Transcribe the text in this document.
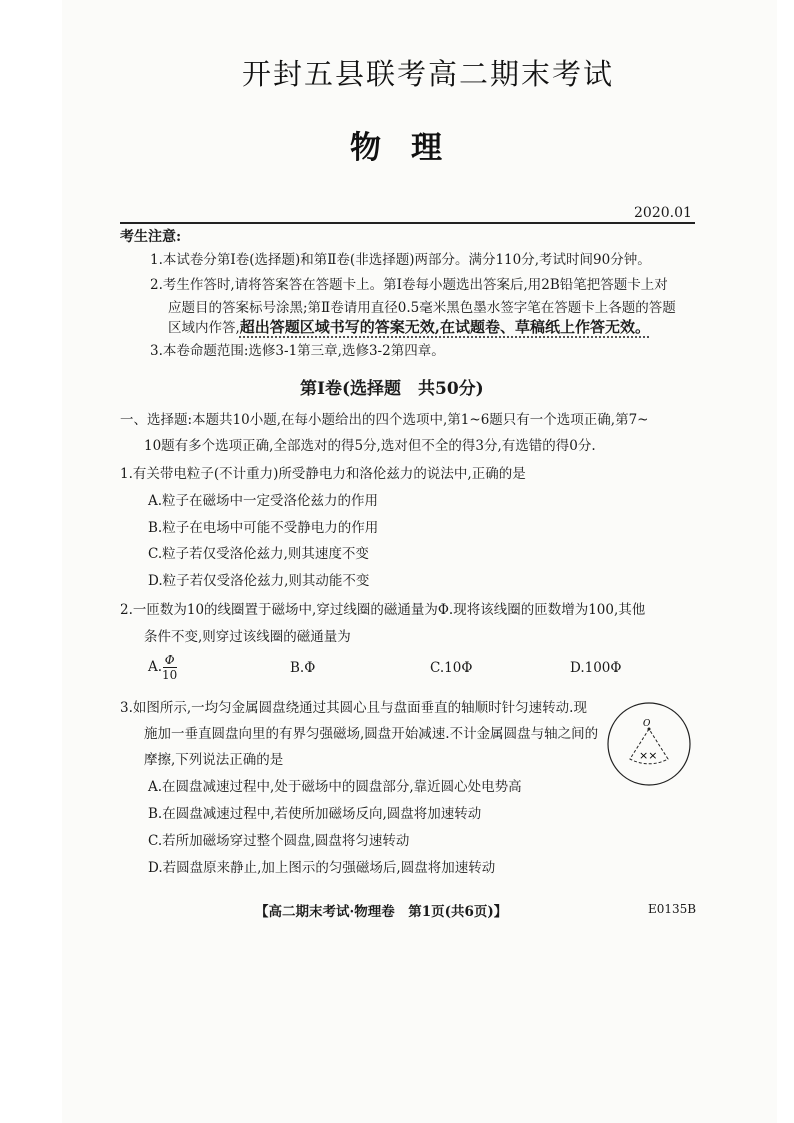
开封五县联考高二期末考试
物理
2020.01
考生注意:
1.本试卷分第Ⅰ卷(选择题)和第Ⅱ卷(非选择题)两部分。满分110分,考试时间90分钟。
2.考生作答时,请将答案答在答题卡上。第Ⅰ卷每小题选出答案后,用2B铅笔把答题卡上对
应题目的答案标号涂黑;第Ⅱ卷请用直径0.5毫米黑色墨水签字笔在答题卡上各题的答题
区域内作答,超出答题区域书写的答案无效,在试题卷、草稿纸上作答无效。
3.本卷命题范围:选修3-1第三章,选修3-2第四章。
第Ⅰ卷(选择题　共50分)
一、选择题:本题共10小题,在每小题给出的四个选项中,第1~6题只有一个选项正确,第7~
10题有多个选项正确,全部选对的得5分,选对但不全的得3分,有选错的得0分.
1.有关带电粒子(不计重力)所受静电力和洛伦兹力的说法中,正确的是
A.粒子在磁场中一定受洛伦兹力的作用
B.粒子在电场中可能不受静电力的作用
C.粒子若仅受洛伦兹力,则其速度不变
D.粒子若仅受洛伦兹力,则其动能不变
2.一匝数为10的线圈置于磁场中,穿过线圈的磁通量为Φ.现将该线圈的匝数增为100,其他
条件不变,则穿过该线圈的磁通量为
A. $\frac{\Phi}{10}$	B.Φ	C.10Φ	D.100Φ
3.如图所示,一均匀金属圆盘绕通过其圆心且与盘面垂直的轴顺时针匀速转动.现
施加一垂直圆盘向里的有界匀强磁场,圆盘开始减速.不计金属圆盘与轴之间的
摩擦,下列说法正确的是
A.在圆盘减速过程中,处于磁场中的圆盘部分,靠近圆心处电势高
B.在圆盘减速过程中,若使所加磁场反向,圆盘将加速转动
C.若所加磁场穿过整个圆盘,圆盘将匀速转动
D.若圆盘原来静止,加上图示的匀强磁场后,圆盘将加速转动
O
××
【高二期末考试·物理卷　第1页(共6页)】	E0135B
